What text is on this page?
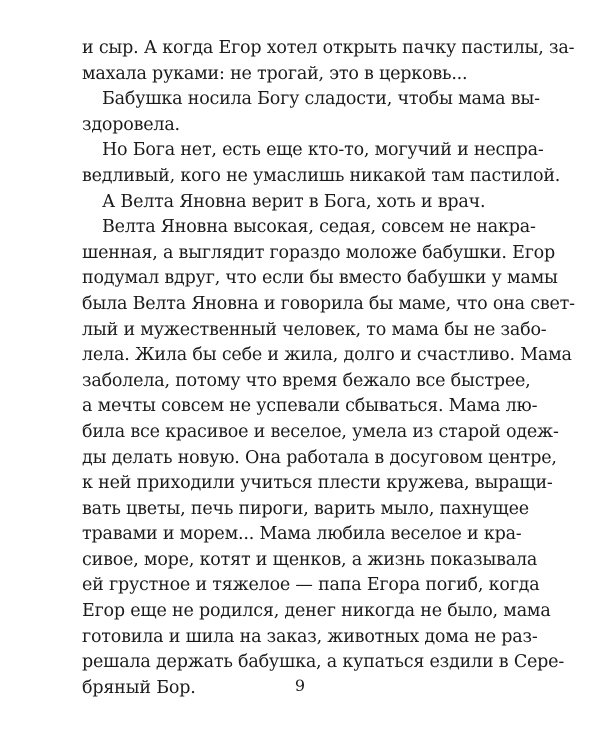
и сыр. А когда Егор хотел открыть пачку пастилы, за-
махала руками: не трогай, это в церковь...
Бабушка носила Богу сладости, чтобы мама вы-
здоровела.
Но Бога нет, есть еще кто-то, могучий и неспра-
ведливый, кого не умаслишь никакой там пастилой.
А Велта Яновна верит в Бога, хоть и врач.
Велта Яновна высокая, седая, совсем не накра-
шенная, а выглядит гораздо моложе бабушки. Егор
подумал вдруг, что если бы вместо бабушки у мамы
была Велта Яновна и говорила бы маме, что она свет-
лый и мужественный человек, то мама бы не забо-
лела. Жила бы себе и жила, долго и счастливо. Мама
заболела, потому что время бежало все быстрее,
а мечты совсем не успевали сбываться. Мама лю-
била все красивое и веселое, умела из старой одеж-
ды делать новую. Она работала в досуговом центре,
к ней приходили учиться плести кружева, выращи-
вать цветы, печь пироги, варить мыло, пахнущее
травами и морем... Мама любила веселое и кра-
сивое, море, котят и щенков, а жизнь показывала
ей грустное и тяжелое — папа Егора погиб, когда
Егор еще не родился, денег никогда не было, мама
готовила и шила на заказ, животных дома не раз-
решала держать бабушка, а купаться ездили в Сере-
бряный Бор.	9
